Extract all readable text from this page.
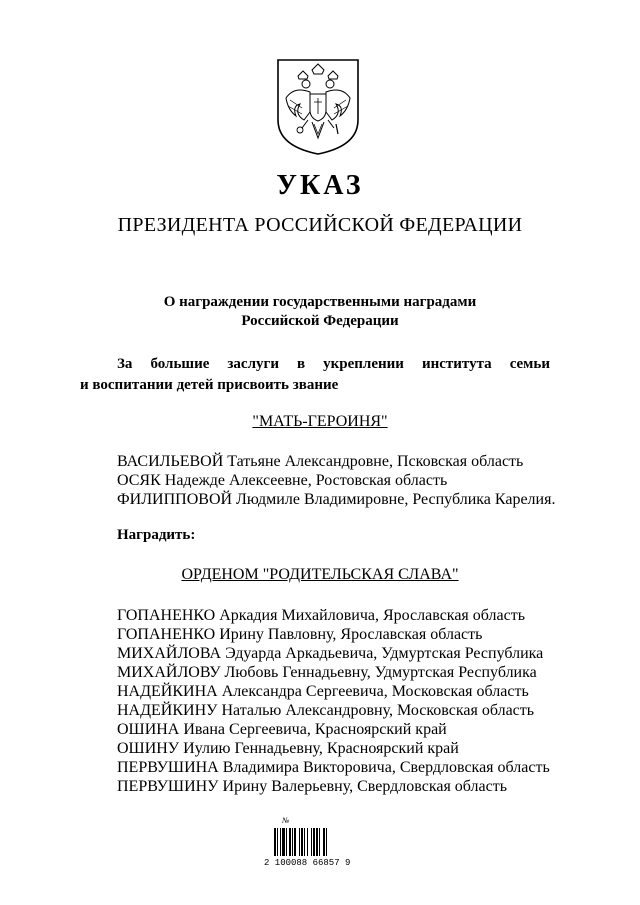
УКАЗ
ПРЕЗИДЕНТА РОССИЙСКОЙ ФЕДЕРАЦИИ
О награждении государственными наградами
Российской Федерации
За большие заслуги в укреплении института семьи
и воспитании детей присвоить звание
"МАТЬ-ГЕРОИНЯ"
ВАСИЛЬЕВОЙ Татьяне Александровне, Псковская область
ОСЯК Надежде Алексеевне, Ростовская область
ФИЛИППОВОЙ Людмиле Владимировне, Республика Карелия.
Наградить:
ОРДЕНОМ "РОДИТЕЛЬСКАЯ СЛАВА"
ГОПАНЕНКО Аркадия Михайловича, Ярославская область
ГОПАНЕНКО Ирину Павловну, Ярославская область
МИХАЙЛОВА Эдуарда Аркадьевича, Удмуртская Республика
МИХАЙЛОВУ Любовь Геннадьевну, Удмуртская Республика
НАДЕЙКИНА Александра Сергеевича, Московская область
НАДЕЙКИНУ Наталью Александровну, Московская область
ОШИНА Ивана Сергеевича, Красноярский край
ОШИНУ Иулию Геннадьевну, Красноярский край
ПЕРВУШИНА Владимира Викторовича, Свердловская область
ПЕРВУШИНУ Ирину Валерьевну, Свердловская область
№
2 100088 66857 9
